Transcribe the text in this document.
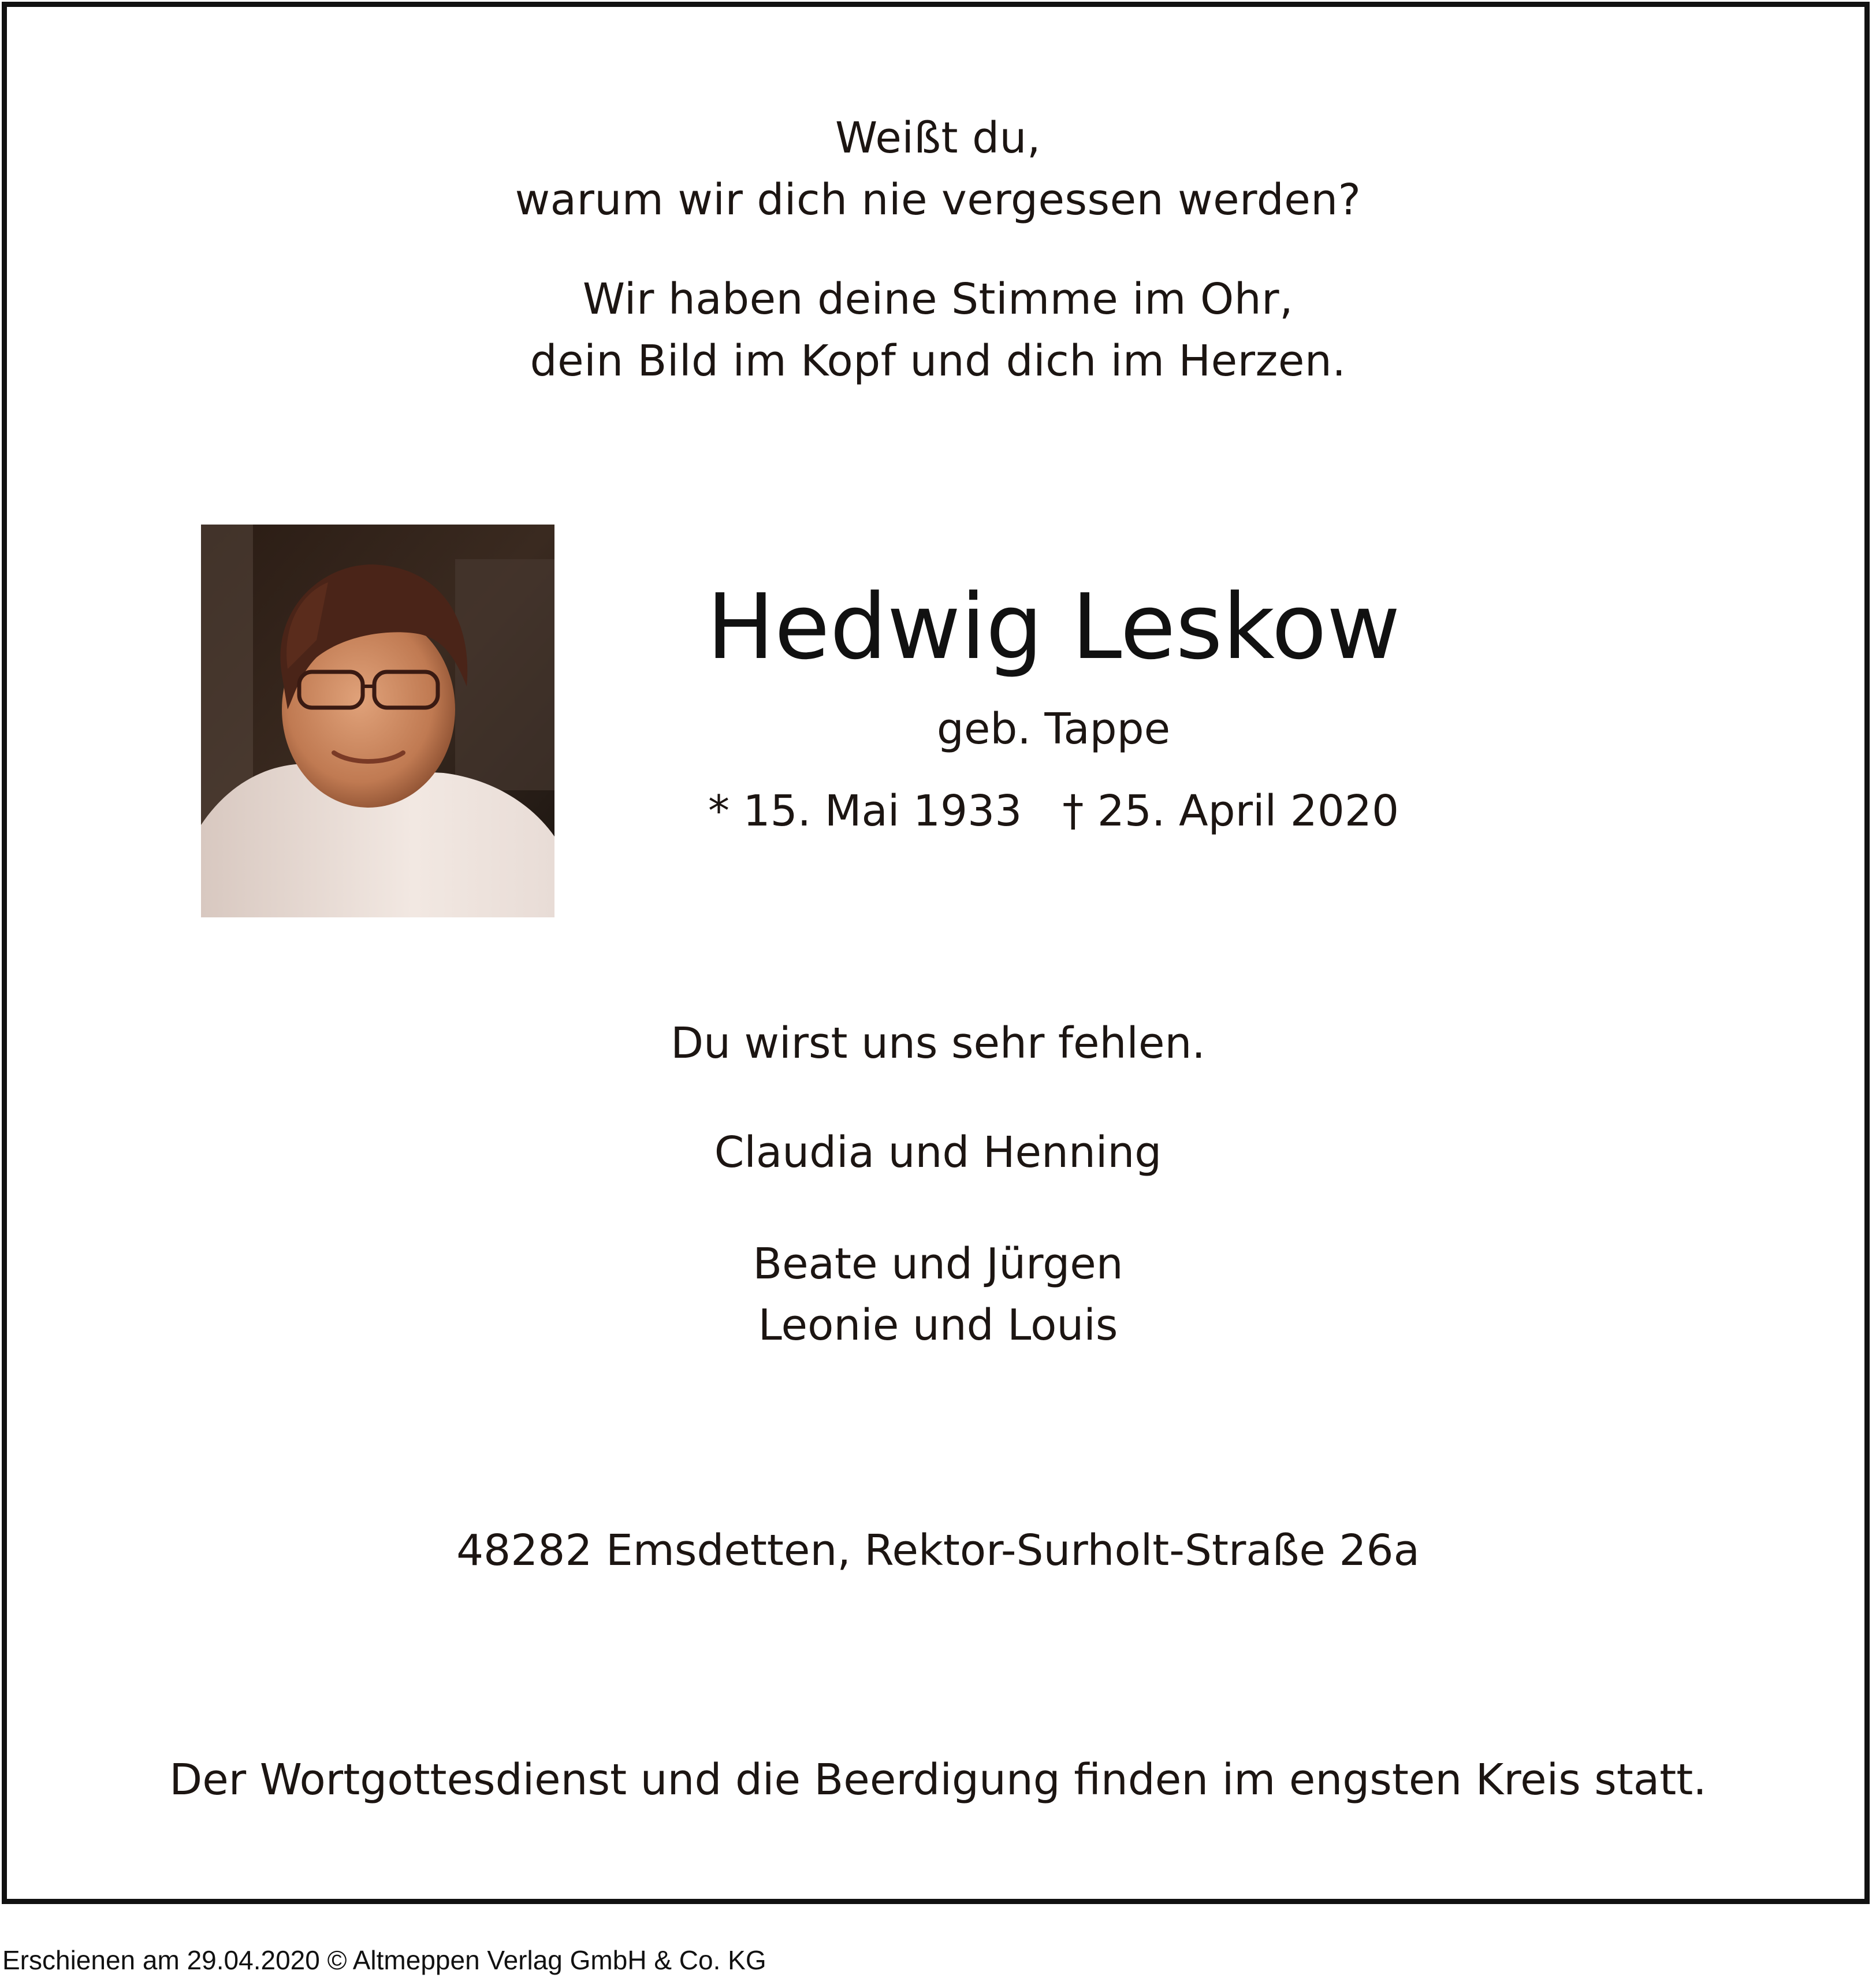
Weißt du,

warum wir dich nie vergessen werden?

Wir haben deine Stimme im Ohr,

dein Bild im Kopf und dich im Herzen.

Hedwig Leskow
geb. Tappe
* 15. Mai 1933 † 25. April 2020
Du wirst uns sehr fehlen.
Claudia und Henning
Beate und Jürgen
Leonie und Louis
48282 Emsdetten, Rektor-Surholt-Straße 26a
Der Wortgottesdienst und die Beerdigung finden im engsten Kreis statt.
Erschienen am 29.04.2020 © Altmeppen Verlag GmbH & Co. KG
